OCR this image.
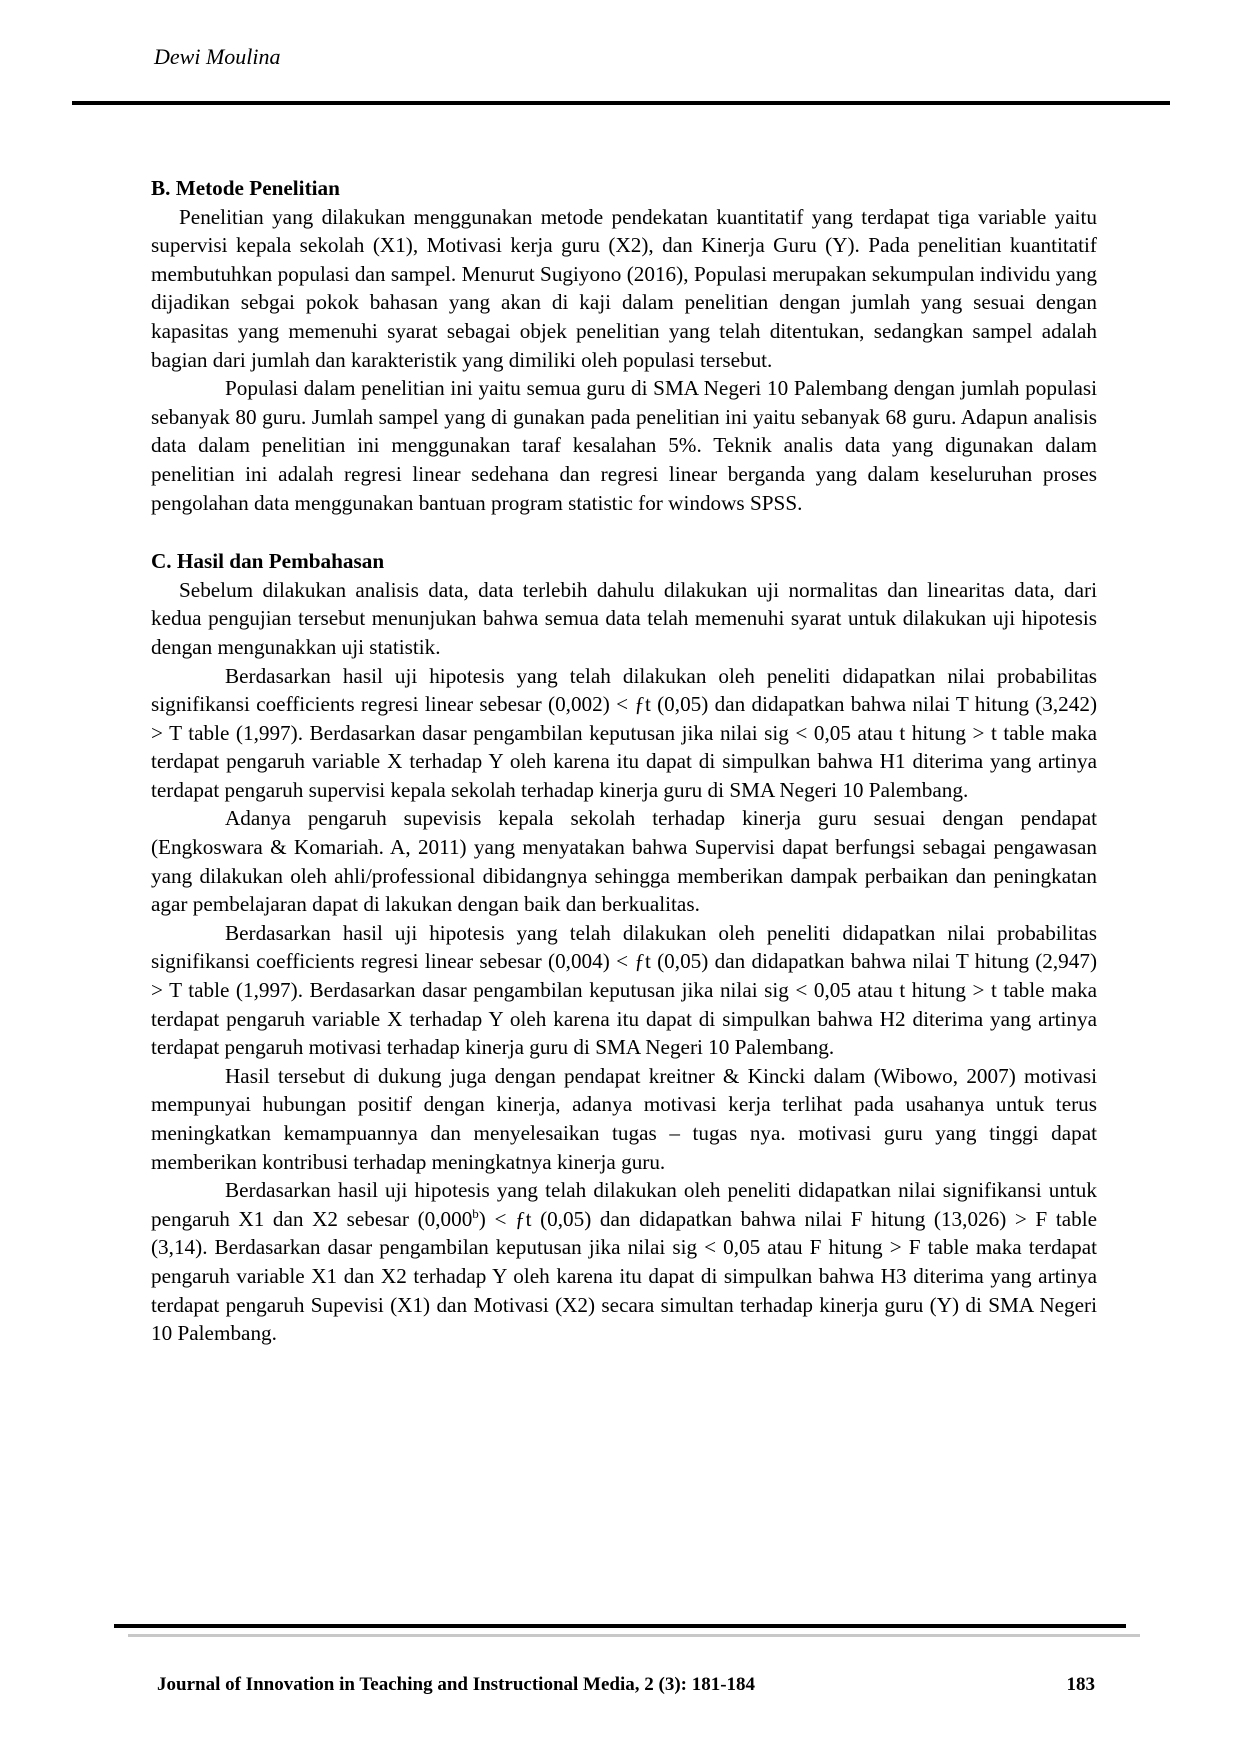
Dewi Moulina
B. Metode Penelitian

Penelitian yang dilakukan menggunakan metode pendekatan kuantitatif yang terdapat tiga variable yaitu supervisi kepala sekolah (X1), Motivasi kerja guru (X2), dan Kinerja Guru (Y). Pada penelitian kuantitatif membutuhkan populasi dan sampel. Menurut Sugiyono (2016), Populasi merupakan sekumpulan individu yang dijadikan sebgai pokok bahasan yang akan di kaji dalam penelitian dengan jumlah yang sesuai dengan kapasitas yang memenuhi syarat sebagai objek penelitian yang telah ditentukan, sedangkan sampel adalah bagian dari jumlah dan karakteristik yang dimiliki oleh populasi tersebut.

Populasi dalam penelitian ini yaitu semua guru di SMA Negeri 10 Palembang dengan jumlah populasi sebanyak 80 guru. Jumlah sampel yang di gunakan pada penelitian ini yaitu sebanyak 68 guru. Adapun analisis data dalam penelitian ini menggunakan taraf kesalahan 5%. Teknik analis data yang digunakan dalam penelitian ini adalah regresi linear sedehana dan regresi linear berganda yang dalam keseluruhan proses pengolahan data menggunakan bantuan program statistic for windows SPSS.

C. Hasil dan Pembahasan

Sebelum dilakukan analisis data, data terlebih dahulu dilakukan uji normalitas dan linearitas data, dari kedua pengujian tersebut menunjukan bahwa semua data telah memenuhi syarat untuk dilakukan uji hipotesis dengan mengunakkan uji statistik.

Berdasarkan hasil uji hipotesis yang telah dilakukan oleh peneliti didapatkan nilai probabilitas signifikansi coefficients regresi linear sebesar (0,002) < ƒt (0,05) dan didapatkan bahwa nilai T hitung (3,242) > T table (1,997). Berdasarkan dasar pengambilan keputusan jika nilai sig < 0,05 atau t hitung > t table maka terdapat pengaruh variable X terhadap Y oleh karena itu dapat di simpulkan bahwa H1 diterima yang artinya terdapat pengaruh supervisi kepala sekolah terhadap kinerja guru di SMA Negeri 10 Palembang.

Adanya pengaruh supevisis kepala sekolah terhadap kinerja guru sesuai dengan pendapat (Engkoswara & Komariah. A, 2011) yang menyatakan bahwa Supervisi dapat berfungsi sebagai pengawasan yang dilakukan oleh ahli/professional dibidangnya sehingga memberikan dampak perbaikan dan peningkatan agar pembelajaran dapat di lakukan dengan baik dan berkualitas.

Berdasarkan hasil uji hipotesis yang telah dilakukan oleh peneliti didapatkan nilai probabilitas signifikansi coefficients regresi linear sebesar (0,004) < ƒt (0,05) dan didapatkan bahwa nilai T hitung (2,947) > T table (1,997). Berdasarkan dasar pengambilan keputusan jika nilai sig < 0,05 atau t hitung > t table maka terdapat pengaruh variable X terhadap Y oleh karena itu dapat di simpulkan bahwa H2 diterima yang artinya terdapat pengaruh motivasi terhadap kinerja guru di SMA Negeri 10 Palembang.

Hasil tersebut di dukung juga dengan pendapat kreitner & Kincki dalam (Wibowo, 2007) motivasi mempunyai hubungan positif dengan kinerja, adanya motivasi kerja terlihat pada usahanya untuk terus meningkatkan kemampuannya dan menyelesaikan tugas – tugas nya. motivasi guru yang tinggi dapat memberikan kontribusi terhadap meningkatnya kinerja guru.

Berdasarkan hasil uji hipotesis yang telah dilakukan oleh peneliti didapatkan nilai signifikansi untuk pengaruh X1 dan X2 sebesar (0,000$^b$) < ƒt (0,05) dan didapatkan bahwa nilai F hitung (13,026) > F table (3,14). Berdasarkan dasar pengambilan keputusan jika nilai sig < 0,05 atau F hitung > F table maka terdapat pengaruh variable X1 dan X2 terhadap Y oleh karena itu dapat di simpulkan bahwa H3 diterima yang artinya terdapat pengaruh Supevisi (X1) dan Motivasi (X2) secara simultan terhadap kinerja guru (Y) di SMA Negeri 10 Palembang.

Journal of Innovation in Teaching and Instructional Media, 2 (3): 181-184	183
